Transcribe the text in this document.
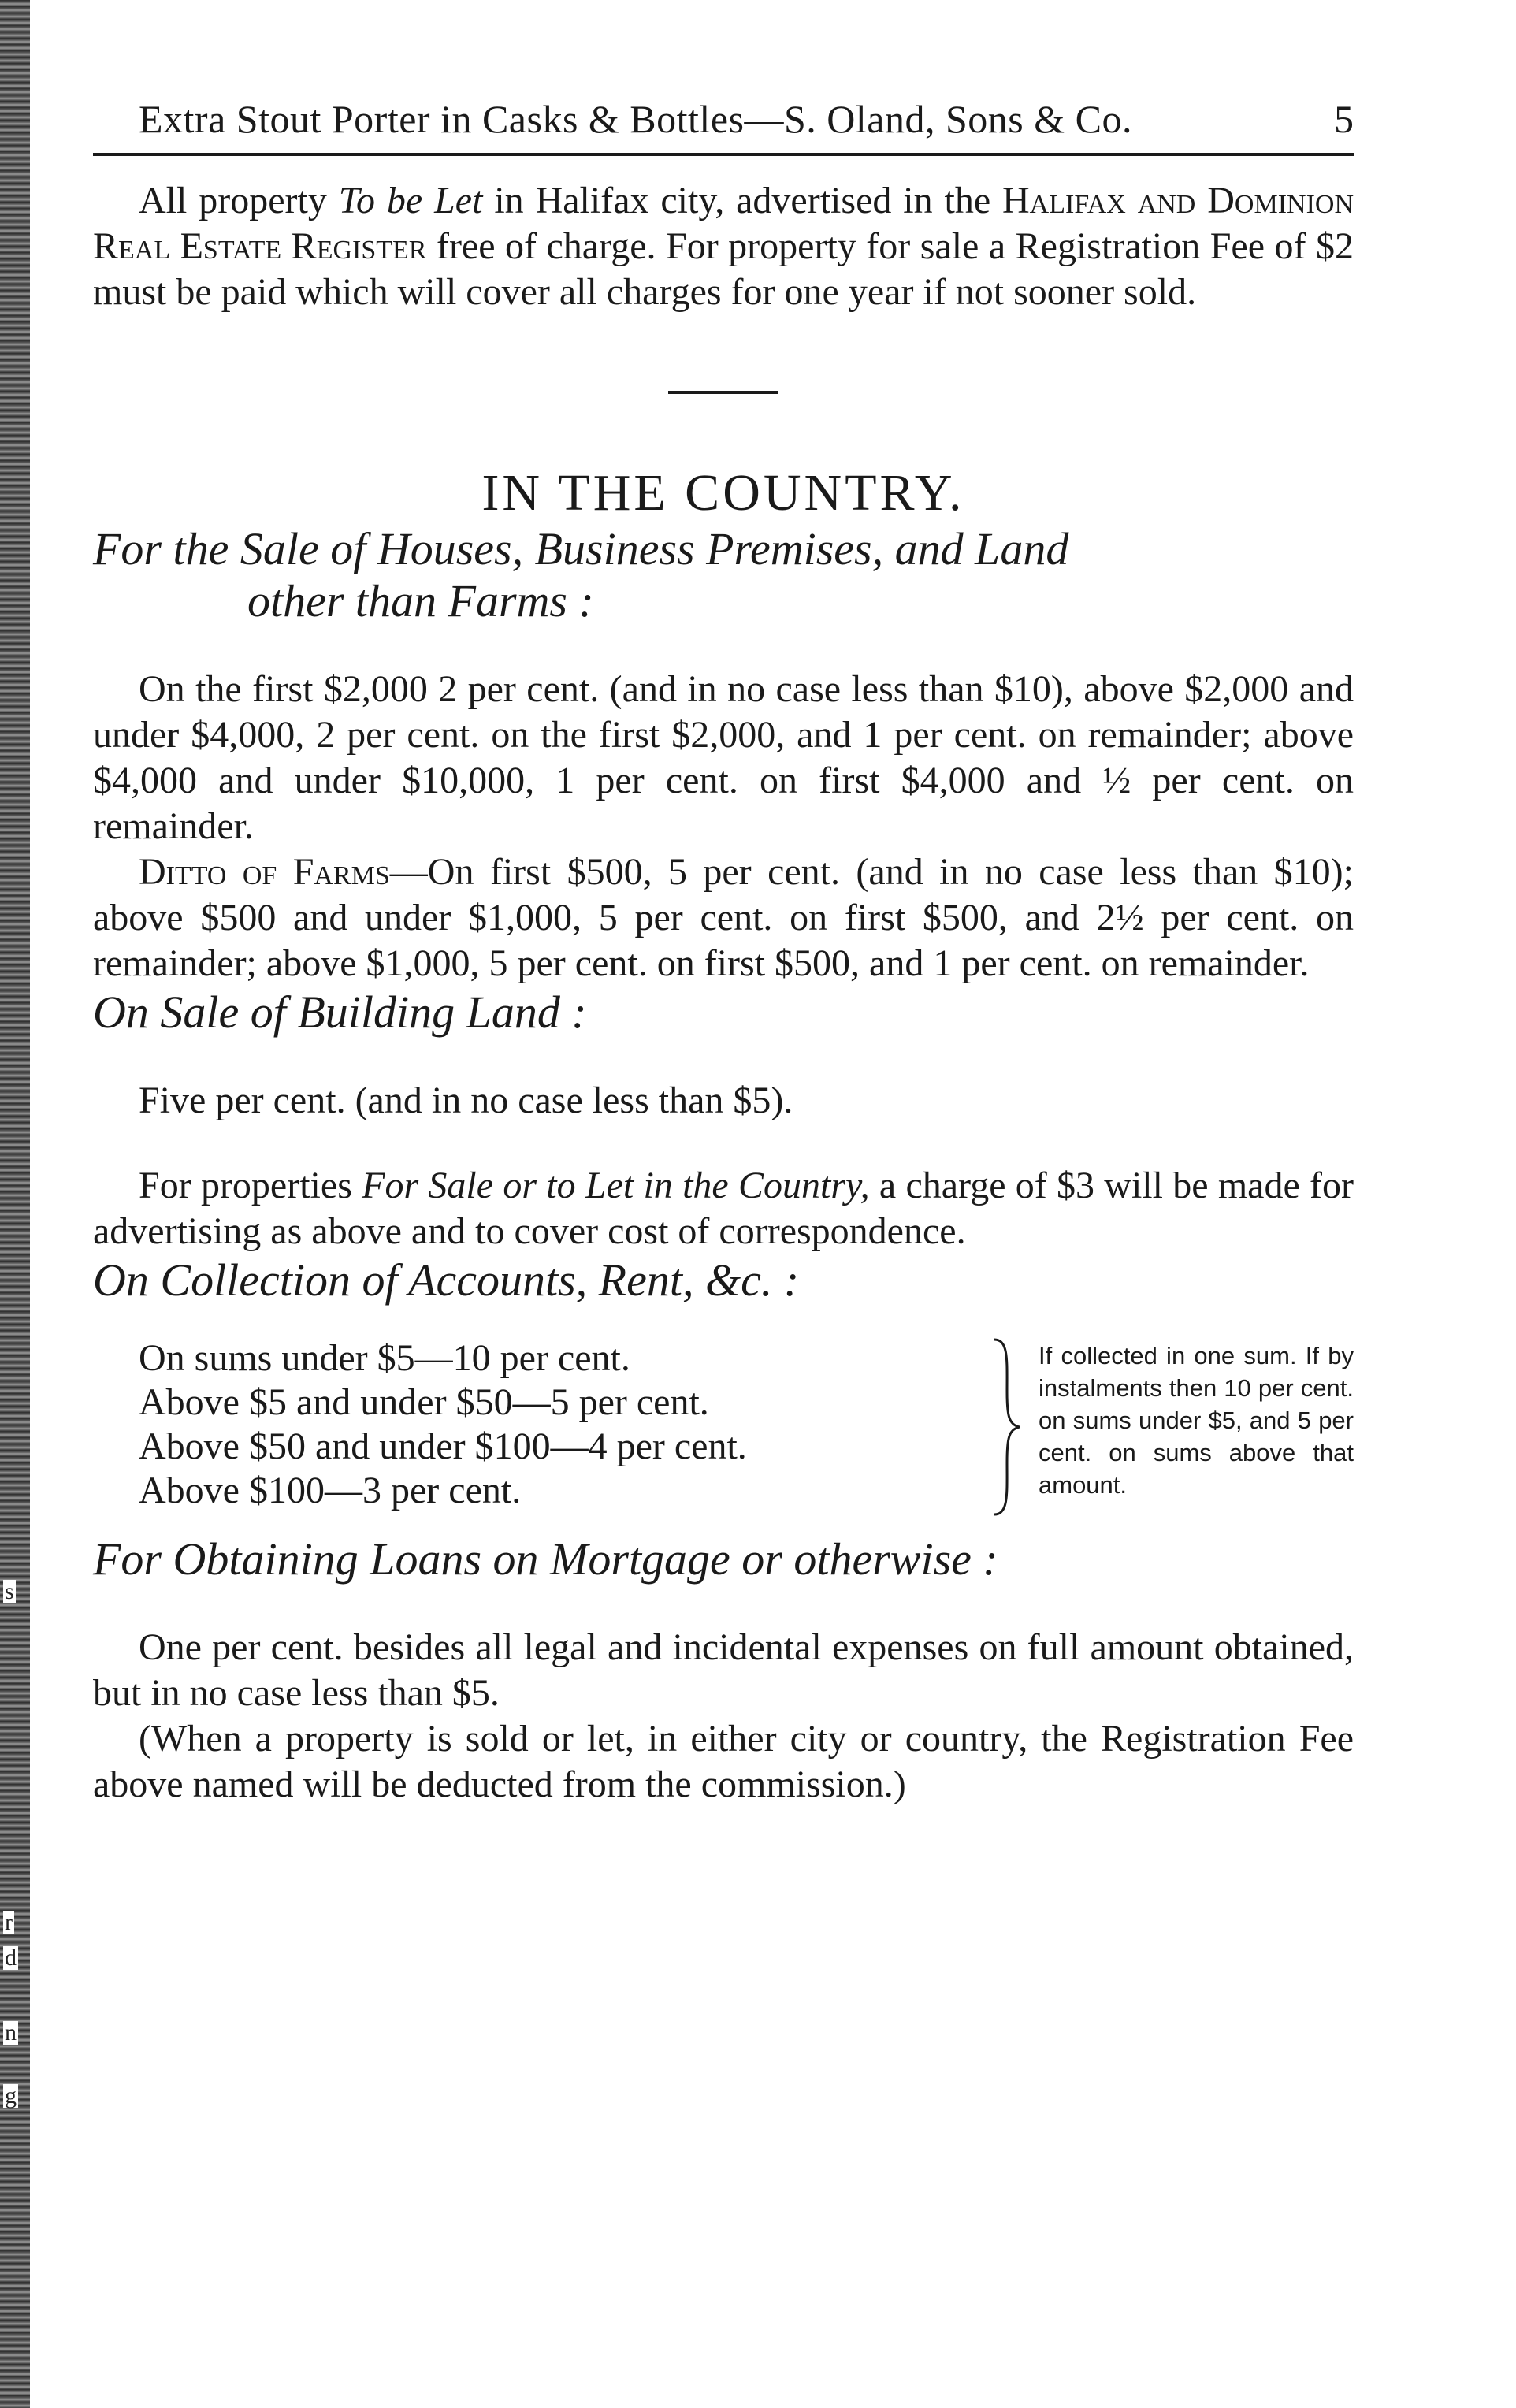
s
r
d
n
g
Extra Stout Porter in Casks & Bottles—S. Oland, Sons & Co.	5

All property To be Let in Halifax city, advertised in the Halifax and Dominion Real Estate Register free of charge. For property for sale a Registration Fee of $2 must be paid which will cover all charges for one year if not sooner sold.

IN THE COUNTRY.
For the Sale of Houses, Business Premises, and Land
other than Farms :

On the first $2,000 2 per cent. (and in no case less than $10), above $2,000 and under $4,000, 2 per cent. on the first $2,000, and 1 per cent. on remainder; above $4,000 and under $10,000, 1 per cent. on first $4,000 and ½ per cent. on remainder.

Ditto of Farms—On first $500, 5 per cent. (and in no case less than $10); above $500 and under $1,000, 5 per cent. on first $500, and 2½ per cent. on remainder; above $1,000, 5 per cent. on first $500, and 1 per cent. on remainder.

On Sale of Building Land :

Five per cent. (and in no case less than $5).

For properties For Sale or to Let in the Country, a charge of $3 will be made for advertising as above and to cover cost of correspondence.

On Collection of Accounts, Rent, &c. :
On sums under $5—10 per cent.
Above $5 and under $50—5 per cent.
Above $50 and under $100—4 per cent.
Above $100—3 per cent.
If collected in one sum. If by instalments then 10 per cent. on sums under $5, and 5 per cent. on sums above that amount.
For Obtaining Loans on Mortgage or otherwise :

One per cent. besides all legal and incidental expenses on full amount obtained, but in no case less than $5.

(When a property is sold or let, in either city or country, the Registration Fee above named will be deducted from the commission.)
